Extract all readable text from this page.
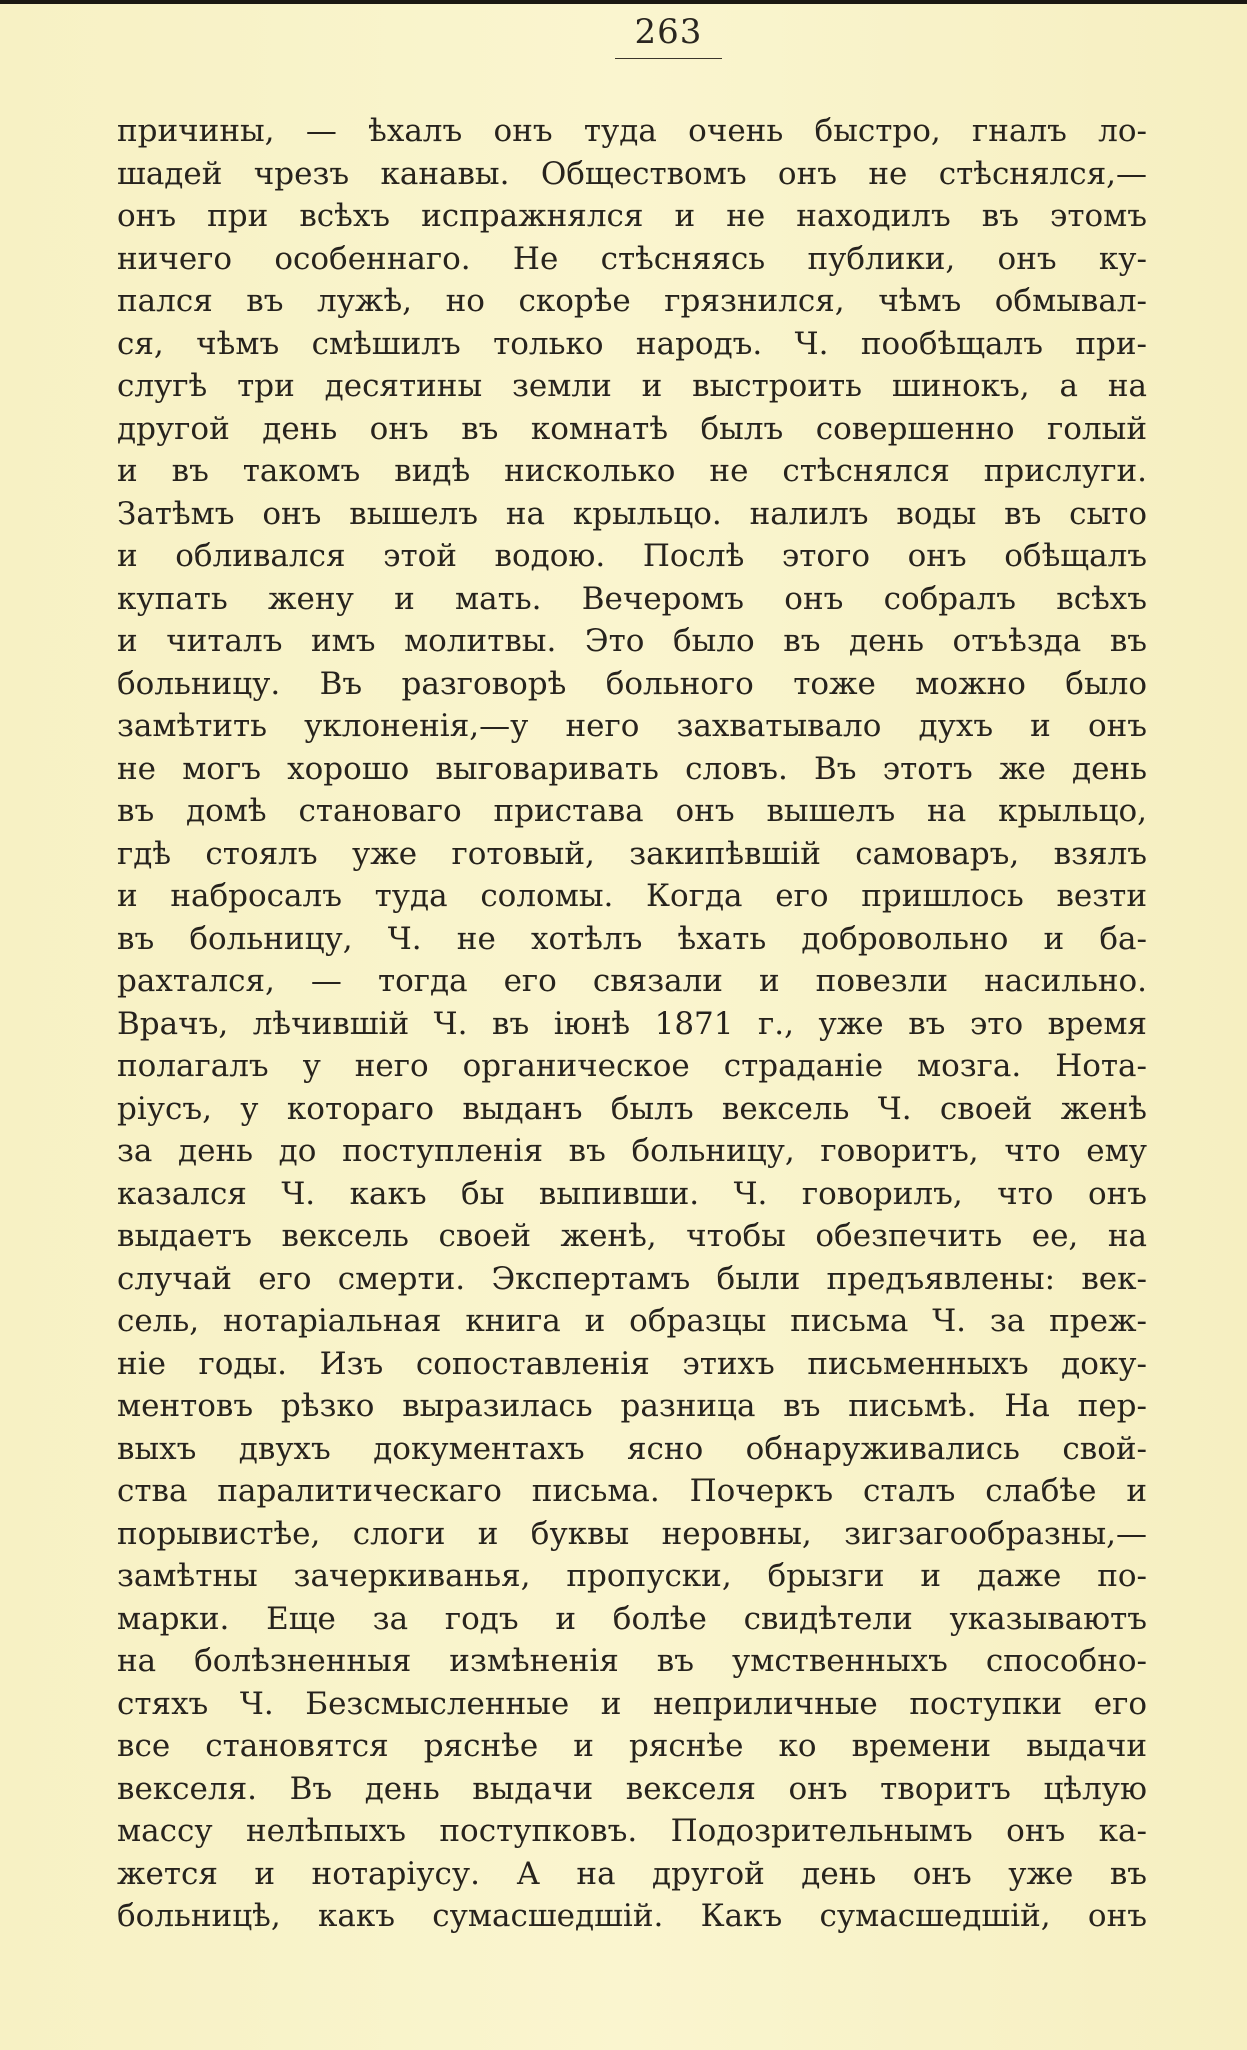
263
причины, — ѣхалъ онъ туда очень быстро, гналъ ло-
шадей чрезъ канавы. Обществомъ онъ не стѣснялся,—
онъ при всѣхъ испражнялся и не находилъ въ этомъ
ничего особеннаго. Не стѣсняясь публики, онъ ку-
пался въ лужѣ, но скорѣе грязнился, чѣмъ обмывал-
ся, чѣмъ смѣшилъ только народъ. Ч. пообѣщалъ при-
слугѣ три десятины земли и выстроить шинокъ, а на
другой день онъ въ комнатѣ былъ совершенно голый
и въ такомъ видѣ нисколько не стѣснялся прислуги.
Затѣмъ онъ вышелъ на крыльцо. налилъ воды въ сыто
и обливался этой водою. Послѣ этого онъ обѣщалъ
купать жену и мать. Вечеромъ онъ собралъ всѣхъ
и читалъ имъ молитвы. Это было въ день отъѣзда въ
больницу. Въ разговорѣ больного тоже можно было
замѣтить уклоненія,—у него захватывало духъ и онъ
не могъ хорошо выговаривать словъ. Въ этотъ же день
въ домѣ становаго пристава онъ вышелъ на крыльцо,
гдѣ стоялъ уже готовый, закипѣвшій самоваръ, взялъ
и набросалъ туда соломы. Когда его пришлось везти
въ больницу, Ч. не хотѣлъ ѣхать добровольно и ба-
рахтался, — тогда его связали и повезли насильно.
Врачъ, лѣчившій Ч. въ іюнѣ 1871 г., уже въ это время
полагалъ у него органическое страданіе мозга. Нота-
ріусъ, у котораго выданъ былъ вексель Ч. своей женѣ
за день до поступленія въ больницу, говоритъ, что ему
казался Ч. какъ бы выпивши. Ч. говорилъ, что онъ
выдаетъ вексель своей женѣ, чтобы обезпечить ее, на
случай его смерти. Экспертамъ были предъявлены: век-
сель, нотаріальная книга и образцы письма Ч. за преж-
ніе годы. Изъ сопоставленія этихъ письменныхъ доку-
ментовъ рѣзко выразилась разница въ письмѣ. На пер-
выхъ двухъ документахъ ясно обнаруживались свой-
ства паралитическаго письма. Почеркъ сталъ слабѣе и
порывистѣе, слоги и буквы неровны, зигзагообразны,—
замѣтны зачеркиванья, пропуски, брызги и даже по-
марки. Еще за годъ и болѣе свидѣтели указываютъ
на болѣзненныя измѣненія въ умственныхъ способно-
стяхъ Ч. Безсмысленные и неприличные поступки его
все становятся ряснѣе и ряснѣе ко времени выдачи
векселя. Въ день выдачи векселя онъ творитъ цѣлую
массу нелѣпыхъ поступковъ. Подозрительнымъ онъ ка-
жется и нотаріусу. А на другой день онъ уже въ
больницѣ, какъ сумасшедшій. Какъ сумасшедшій, онъ
